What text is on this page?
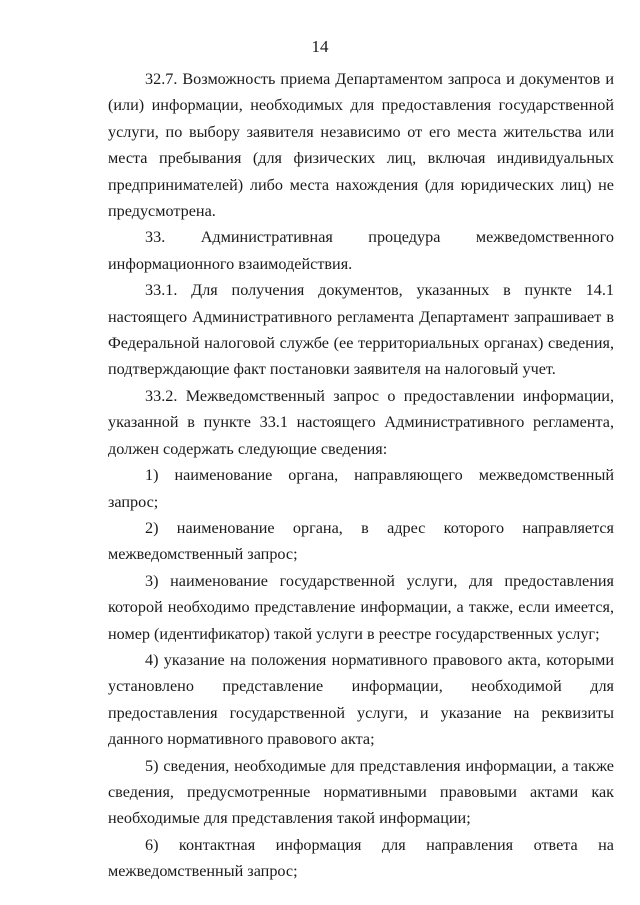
14

32.7. Возможность приема Департаментом запроса и документов и (или) информации, необходимых для предоставления государственной услуги, по выбору заявителя независимо от его места жительства или места пребывания (для физических лиц, включая индивидуальных предпринимателей) либо места нахождения (для юридических лиц) не предусмотрена.

33. Административная процедура межведомственного информационного взаимодействия.

33.1. Для получения документов, указанных в пункте 14.1 настоящего Административного регламента Департамент запрашивает в Федеральной налоговой службе (ее территориальных органах) сведения, подтверждающие факт постановки заявителя на налоговый учет.

33.2. Межведомственный запрос о предоставлении информации, указанной в пункте 33.1 настоящего Административного регламента, должен содержать следующие сведения:

1) наименование органа, направляющего межведомственный запрос;

2) наименование органа, в адрес которого направляется межведомственный запрос;

3) наименование государственной услуги, для предоставления которой необходимо представление информации, а также, если имеется, номер (идентификатор) такой услуги в реестре государственных услуг;

4) указание на положения нормативного правового акта, которыми установлено представление информации, необходимой для предоставления государственной услуги, и указание на реквизиты данного нормативного правового акта;

5) сведения, необходимые для представления информации, а также сведения, предусмотренные нормативными правовыми актами как необходимые для представления такой информации;

6) контактная информация для направления ответа на межведомственный запрос;
